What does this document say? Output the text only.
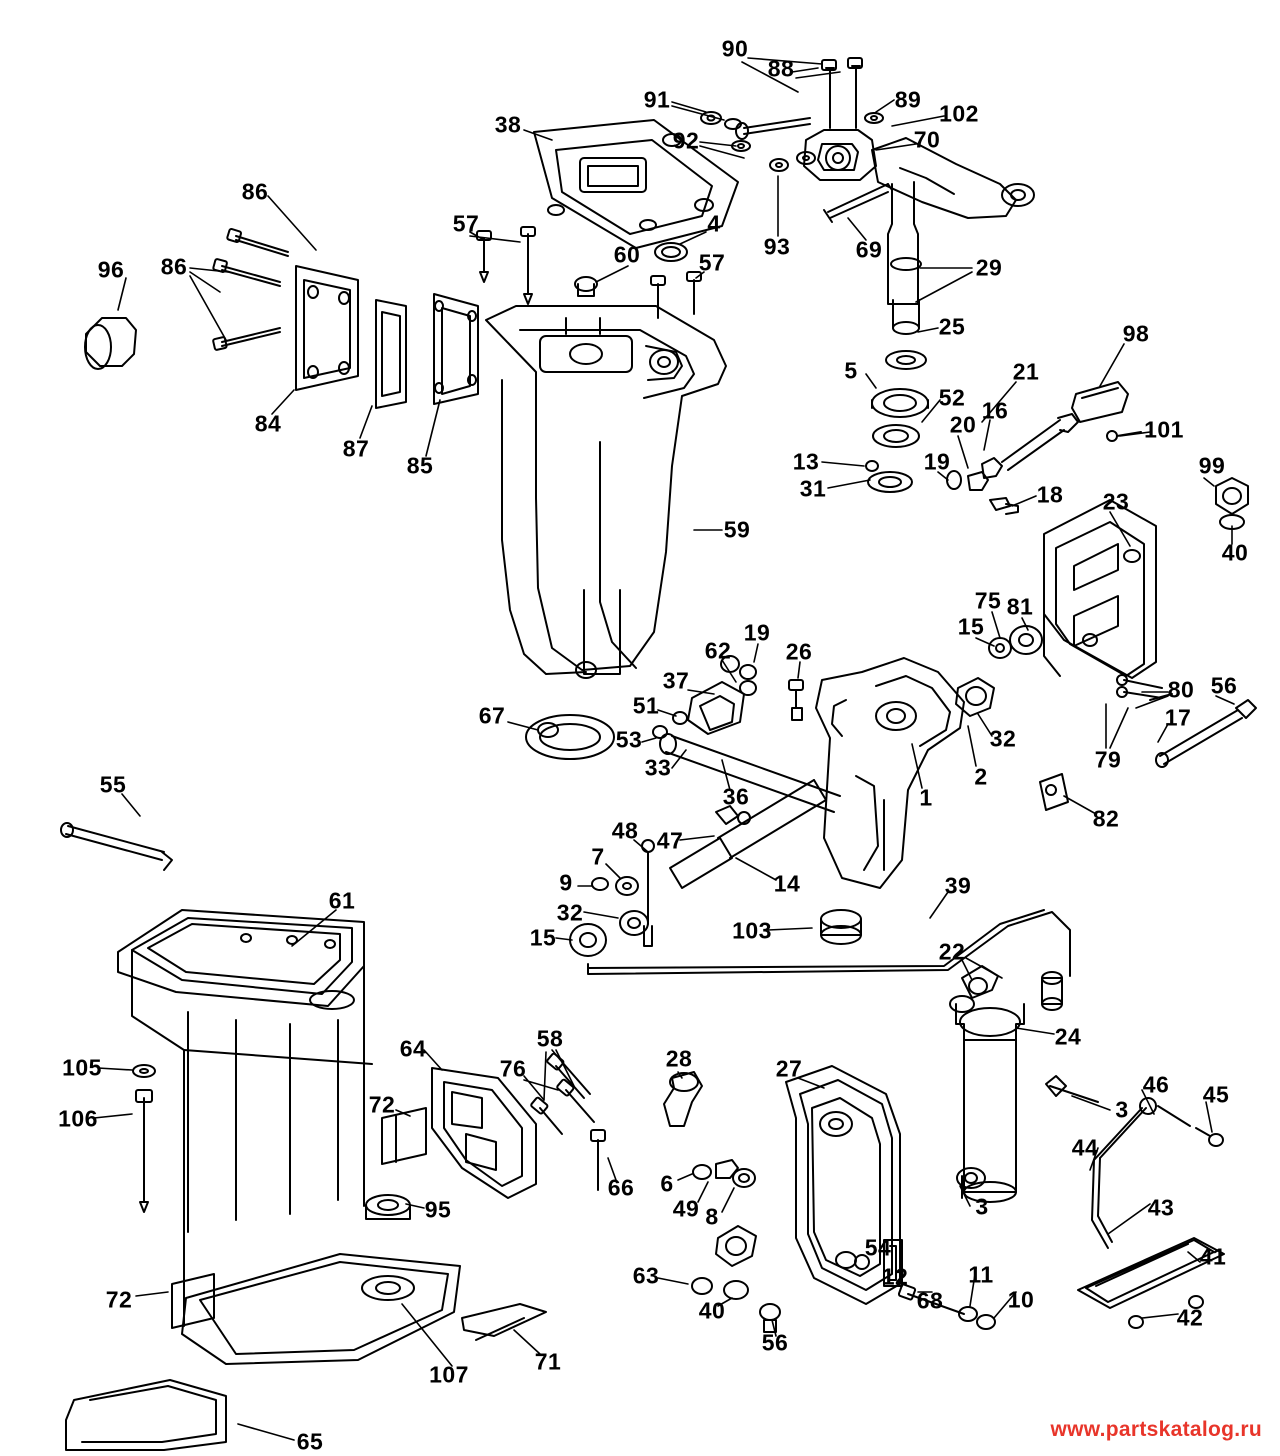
90
88
91	89
102
92	70
38
93	69
29
86
57	4
60	57
96 86
25	98
5	21
52 16
20	101
84
87
85	13	19	99
31	18 23
40
59
75 81
15
62
19
26
37	80 56
51
67	17
53	32
79
33	2
36	1
82
55
47
48
7
9	14	39
32
61
15	103
22
24
105
64	58
28	27
76
106
72
46 45
3
44
66 6
49 8	3	43
95
54
12	11
68	10
41
63
40
56
42
72
107	71
65	www.partskatalog.ru
